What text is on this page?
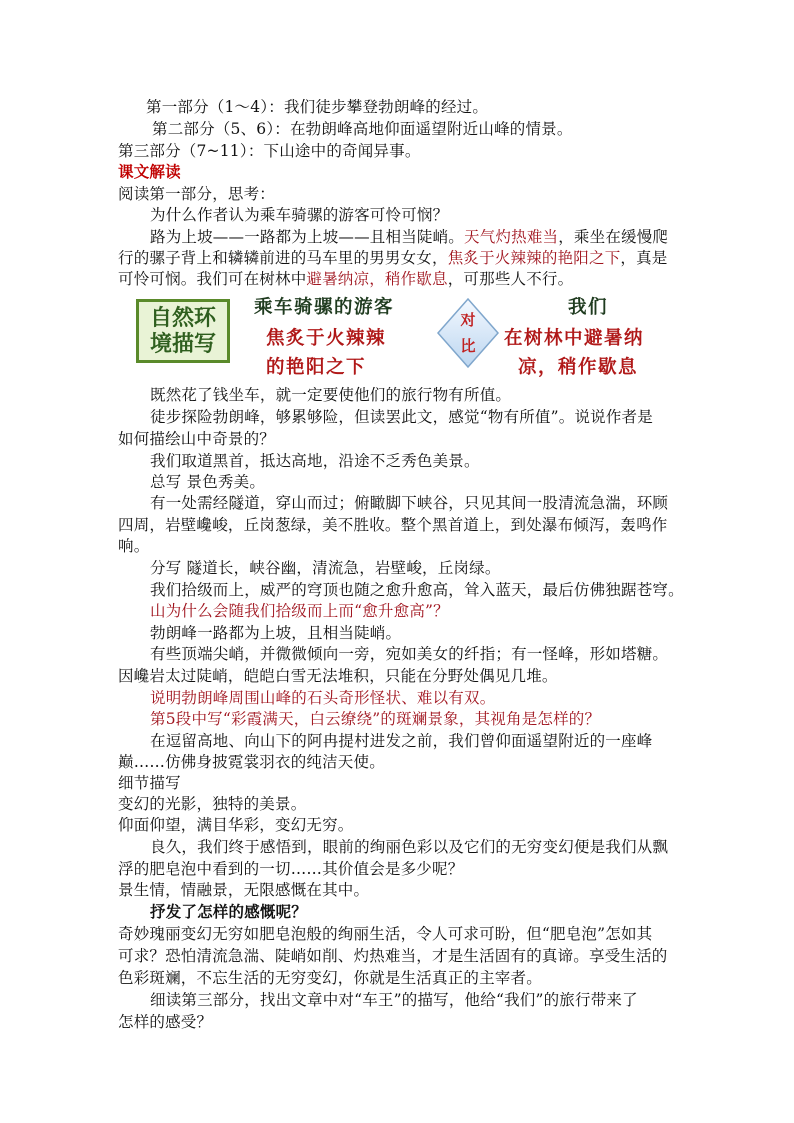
第一部分（1～4）：我们徒步攀登勃朗峰的经过。
第二部分（5、6）：在勃朗峰高地仰面遥望附近山峰的情景。
第三部分（7~11）：下山途中的奇闻异事。
课文解读
阅读第一部分，思考：
为什么作者认为乘车骑骡的游客可怜可悯？
路为上坡——一路都为上坡——且相当陡峭。天气灼热难当，乘坐在缓慢爬
行的骡子背上和辚辚前进的马车里的男男女女，焦炙于火辣辣的艳阳之下，真是
可怜可悯。我们可在树林中避暑纳凉，稍作歇息，可那些人不行。
自然环
境描写
乘车骑骡的游客
焦炙于火辣辣
的艳阳之下
对
比
我们
在树林中避暑纳
凉，稍作歇息
既然花了钱坐车，就一定要使他们的旅行物有所值。
徒步探险勃朗峰，够累够险，但读罢此文，感觉“物有所值”。说说作者是
如何描绘山中奇景的？
我们取道黑首，抵达高地，沿途不乏秀色美景。
总写 景色秀美。
有一处需经隧道，穿山而过；俯瞰脚下峡谷，只见其间一股清流急湍，环顾
四周，岩壁巉峻，丘岗葱绿，美不胜收。整个黑首道上，到处瀑布倾泻，轰鸣作
响。
分写 隧道长，峡谷幽，清流急，岩壁峻，丘岗绿。
我们拾级而上，威严的穹顶也随之愈升愈高，耸入蓝天，最后仿佛独踞苍穹。
山为什么会随我们拾级而上而“愈升愈高”？
勃朗峰一路都为上坡，且相当陡峭。
有些顶端尖峭，并微微倾向一旁，宛如美女的纤指；有一怪峰，形如塔糖。
因巉岩太过陡峭，皑皑白雪无法堆积，只能在分野处偶见几堆。
说明勃朗峰周围山峰的石头奇形怪状、难以有双。
第5段中写“彩霞满天，白云缭绕”的斑斓景象，其视角是怎样的？
在逗留高地、向山下的阿冉提村进发之前，我们曾仰面遥望附近的一座峰
巅……仿佛身披霓裳羽衣的纯洁天使。
细节描写
变幻的光影，独特的美景。
仰面仰望，满目华彩，变幻无穷。
良久，我们终于感悟到，眼前的绚丽色彩以及它们的无穷变幻便是我们从飘
浮的肥皂泡中看到的一切……其价值会是多少呢？
景生情，情融景，无限感慨在其中。
抒发了怎样的感慨呢？
奇妙瑰丽变幻无穷如肥皂泡般的绚丽生活，令人可求可盼，但“肥皂泡”怎如其
可求？恐怕清流急湍、陡峭如削、灼热难当，才是生活固有的真谛。享受生活的
色彩斑斓，不忘生活的无穷变幻，你就是生活真正的主宰者。
细读第三部分，找出文章中对“车王”的描写，他给“我们”的旅行带来了
怎样的感受？
